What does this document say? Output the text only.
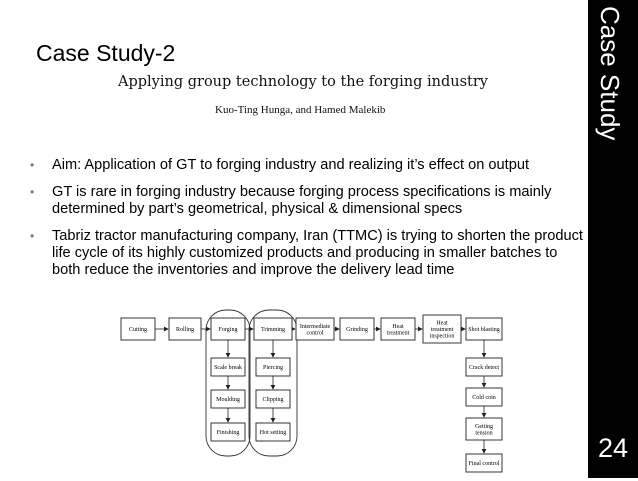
Case Study
24
Case Study-2
Applying group technology to the forging industry
Kuo-Ting Hunga, and Hamed Malekib
• Aim: Application of GT to forging industry and realizing it’s effect on output
• GT is rare in forging industry because forging process specifications is mainly determined by part’s geometrical, physical & dimensional specs
• Tabriz tractor manufacturing company, Iran (TTMC) is trying to shorten the product life cycle of its highly customized products and producing in smaller batches to both reduce the inventories and improve the delivery lead time
Cutting	Rolling	Forging	Trimming
Intermediate
control
Grinding
Heat
treatment
Heat
treatment
inspection
Shot blasting
Scale break
Moulding
Finishing
Piercing
Clipping
Hot setting
Crack detect
Cold coin
Getting
tension
Final control
